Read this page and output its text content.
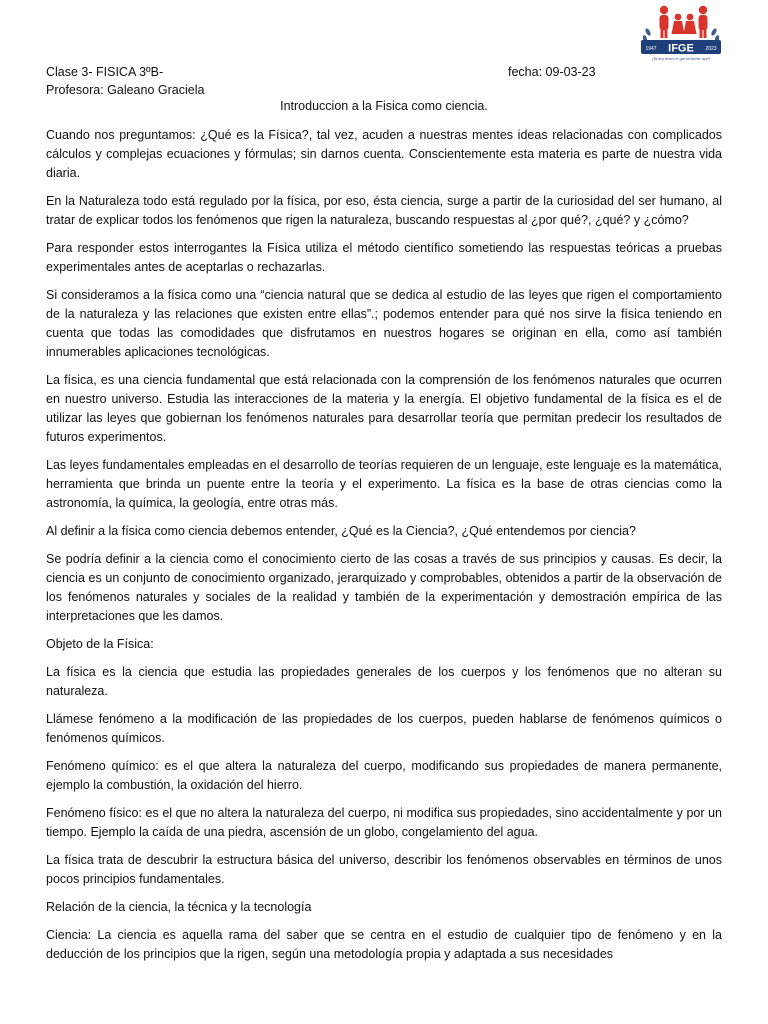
1947 IFGE 2023
¡Tú hoy tienes lo que tú hiciste ayer!
Clase 3- FISICA 3ºB-	fecha: 09-03-23
Profesora: Galeano Graciela
Introduccion a la Fisica como ciencia.

Cuando nos preguntamos: ¿Qué es la Física?, tal vez, acuden a nuestras mentes ideas relacionadas con complicados cálculos y complejas ecuaciones y fórmulas; sin darnos cuenta. Conscientemente esta materia es parte de nuestra vida diaria.

En la Naturaleza todo está regulado por la física, por eso, ésta ciencia, surge a partir de la curiosidad del ser humano, al tratar de explicar todos los fenómenos que rigen la naturaleza, buscando respuestas al ¿por qué?, ¿qué? y ¿cómo?

Para responder estos interrogantes la Física utiliza el método científico sometiendo las respuestas teóricas a pruebas experimentales antes de aceptarlas o rechazarlas.

Si consideramos a la física como una “ciencia natural que se dedica al estudio de las leyes que rigen el comportamiento de la naturaleza y las relaciones que existen entre ellas”.; podemos entender para qué nos sirve la física teniendo en cuenta que todas las comodidades que disfrutamos en nuestros hogares se originan en ella, como así también innumerables aplicaciones tecnológicas.

La física, es una ciencia fundamental que está relacionada con la comprensión de los fenómenos naturales que ocurren en nuestro universo. Estudia las interacciones de la materia y la energía. El objetivo fundamental de la física es el de utilizar las leyes que gobiernan los fenómenos naturales para desarrollar teoría que permitan predecir los resultados de futuros experimentos.

Las leyes fundamentales empleadas en el desarrollo de teorías requieren de un lenguaje, este lenguaje es la matemática, herramienta que brinda un puente entre la teoría y el experimento. La física es la base de otras ciencias como la astronomía, la química, la geología, entre otras más.

Al definir a la física como ciencia debemos entender, ¿Qué es la Ciencia?, ¿Qué entendemos por ciencia?

Se podría definir a la ciencia como el conocimiento cierto de las cosas a través de sus principios y causas. Es decir, la ciencia es un conjunto de conocimiento organizado, jerarquizado y comprobables, obtenidos a partir de la observación de los fenómenos naturales y sociales de la realidad y también de la experimentación y demostración empírica de las interpretaciones que les damos.

Objeto de la Física:

La física es la ciencia que estudia las propiedades generales de los cuerpos y los fenómenos que no alteran su naturaleza.

Llámese fenómeno a la modificación de las propiedades de los cuerpos, pueden hablarse de fenómenos químicos o fenómenos químicos.

Fenómeno químico: es el que altera la naturaleza del cuerpo, modificando sus propiedades de manera permanente, ejemplo la combustión, la oxidación del hierro.

Fenómeno físico: es el que no altera la naturaleza del cuerpo, ni modifica sus propiedades, sino accidentalmente y por un tiempo. Ejemplo la caída de una piedra, ascensión de un globo, congelamiento del agua.

La física trata de descubrir la estructura básica del universo, describir los fenómenos observables en términos de unos pocos principios fundamentales.

Relación de la ciencia, la técnica y la tecnología

Ciencia: La ciencia es aquella rama del saber que se centra en el estudio de cualquier tipo de fenómeno y en la deducción de los principios que la rigen, según una metodología propia y adaptada a sus necesidades
